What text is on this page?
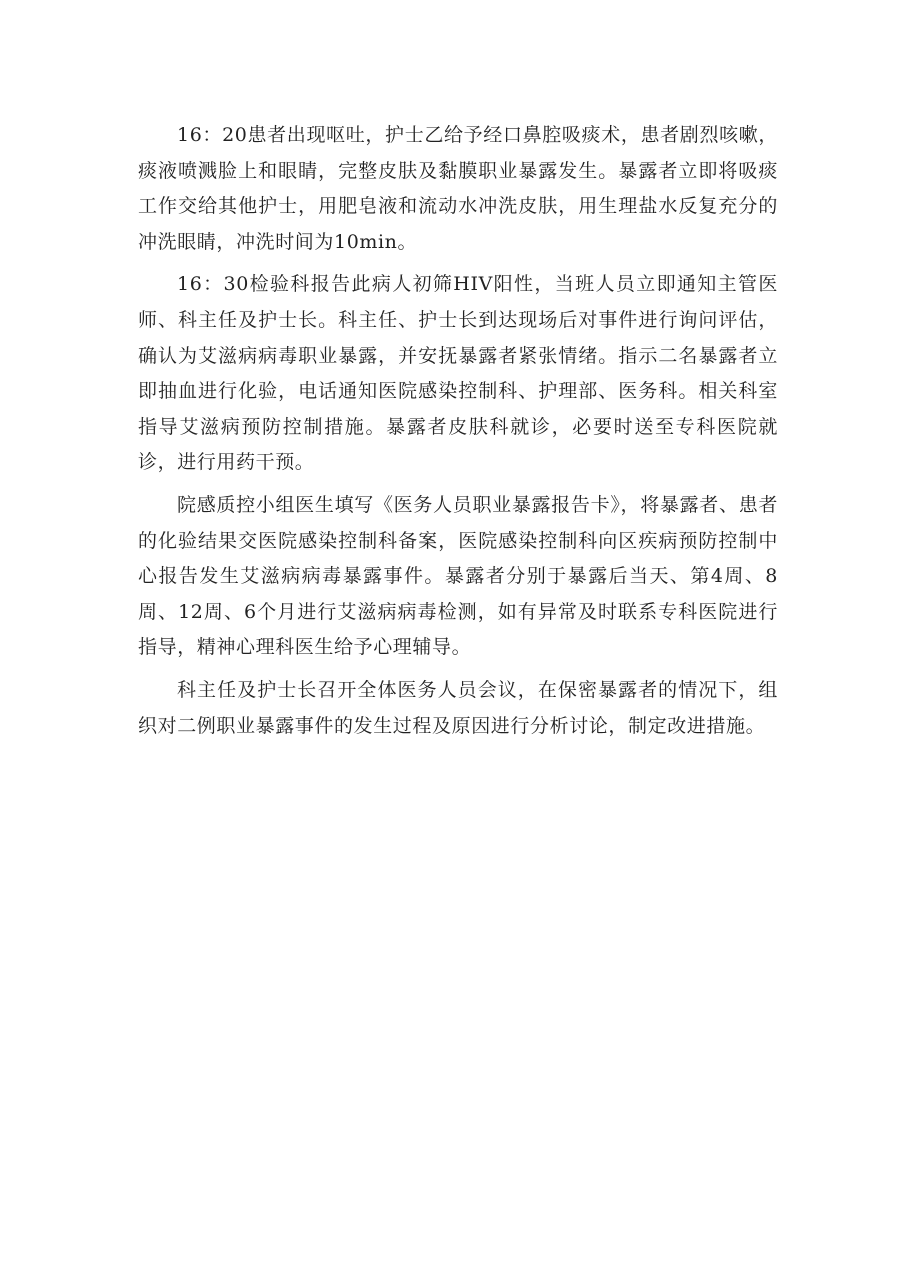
16：20患者出现呕吐，护士乙给予经口鼻腔吸痰术，患者剧烈咳嗽，痰液喷溅脸上和眼睛，完整皮肤及黏膜职业暴露发生。暴露者立即将吸痰工作交给其他护士，用肥皂液和流动水冲洗皮肤，用生理盐水反复充分的冲洗眼睛，冲洗时间为10min。

16：30检验科报告此病人初筛HIV阳性，当班人员立即通知主管医师、科主任及护士长。科主任、护士长到达现场后对事件进行询问评估，确认为艾滋病病毒职业暴露，并安抚暴露者紧张情绪。指示二名暴露者立即抽血进行化验，电话通知医院感染控制科、护理部、医务科。相关科室指导艾滋病预防控制措施。暴露者皮肤科就诊，必要时送至专科医院就诊，进行用药干预。

院感质控小组医生填写《医务人员职业暴露报告卡》，将暴露者、患者的化验结果交医院感染控制科备案，医院感染控制科向区疾病预防控制中心报告发生艾滋病病毒暴露事件。暴露者分别于暴露后当天、第4周、8周、12周、6个月进行艾滋病病毒检测，如有异常及时联系专科医院进行指导，精神心理科医生给予心理辅导。

科主任及护士长召开全体医务人员会议，在保密暴露者的情况下，组织对二例职业暴露事件的发生过程及原因进行分析讨论，制定改进措施。
